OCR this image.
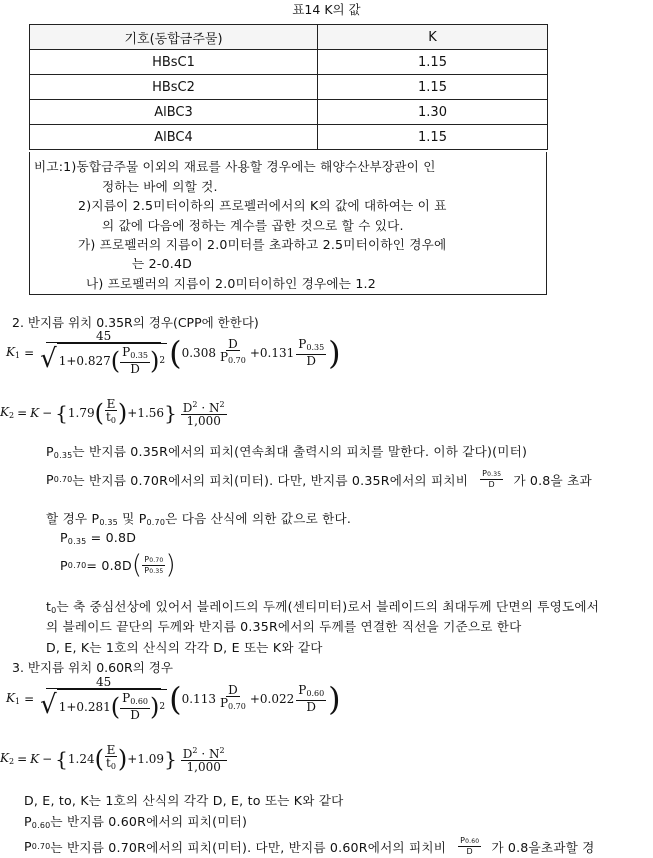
표14 K의 값
기호(동합금주물)	K
HBsC1	1.15
HBsC2	1.15
AlBC3	1.30
AlBC4	1.15
비고:1)동합금주물 이외의 재료를 사용할 경우에는 해양수산부장관이 인
정하는 바에 의할 것.
2)지름이 2.5미터이하의 프로펠러에서의 K의 값에 대하여는 이 표
의 값에 다음에 정하는 계수를 곱한 것으로 할 수 있다.
가) 프로펠러의 지름이 2.0미터를 초과하고 2.5미터이하인 경우에
는 2-0.4D
나) 프로펠러의 지름이 2.0미터이하인 경우에는 1.2
2. 반지름 위치 0.35R의 경우(CPP에 한한다)
$K_1$ =
45
√ 1+0.827 ( $\frac{P_{0.35}}{D}$ ) 2 ( $0.308 \frac{D}{P_{0.70}} + 0.131 \frac{P_{0.35}}{D}$ )
$K_2 = K$ − { 1.79 ( $\frac{E}{t_0}$ ) + 1.56 } $\frac{D^2 \cdot N^2}{1,000}$
$P_{0.35}$는 반지름 0.35R에서의 피치(연속최대 출력시의 피치를 말한다. 이하 같다)(미터)
P 0.70 는 반지름 0.70R에서의 피치(미터). 다만, 반지름 0.35R에서의 피치비 $\frac{P0.35}{D}$ 가 0.8을 초과
할 경우 $P_{0.35}$ 및 $P_{0.70}$은 다음 산식에 의한 값으로 한다.
$P_{0.35} = 0.8D$
P 0.70 = 0.8D ( $\frac{P0.70}{P0.35}$ )
$t_0$는 축 중심선상에 있어서 블레이드의 두께(센티미터)로서 블레이드의 최대두께 단면의 투영도에서
의 블레이드 끝단의 두께와 반지름 0.35R에서의 두께를 연결한 직선을 기준으로 한다
D, E, K는 1호의 산식의 각각 D, E 또는 K와 같다
3. 반지름 위치 0.60R의 경우
$K_1$ =
45
√ 1+0.281 ( $\frac{P_{0.60}}{D}$ ) 2 ( $0.113 \frac{D}{P_{0.70}} + 0.022 \frac{P_{0.60}}{D}$ )
$K_2 = K$ − { 1.24 ( $\frac{E}{t_0}$ ) + 1.09 } $\frac{D^2 \cdot N^2}{1,000}$
D, E, to, K는 1호의 산식의 각각 D, E, to 또는 K와 같다
$P_{0.60}$는 반지름 0.60R에서의 피치(미터)
P 0.70 는 반지름 0.70R에서의 피치(미터). 다만, 반지름 0.60R에서의 피치비 $\frac{P0.60}{D}$ 가 0.8을초과할 경
